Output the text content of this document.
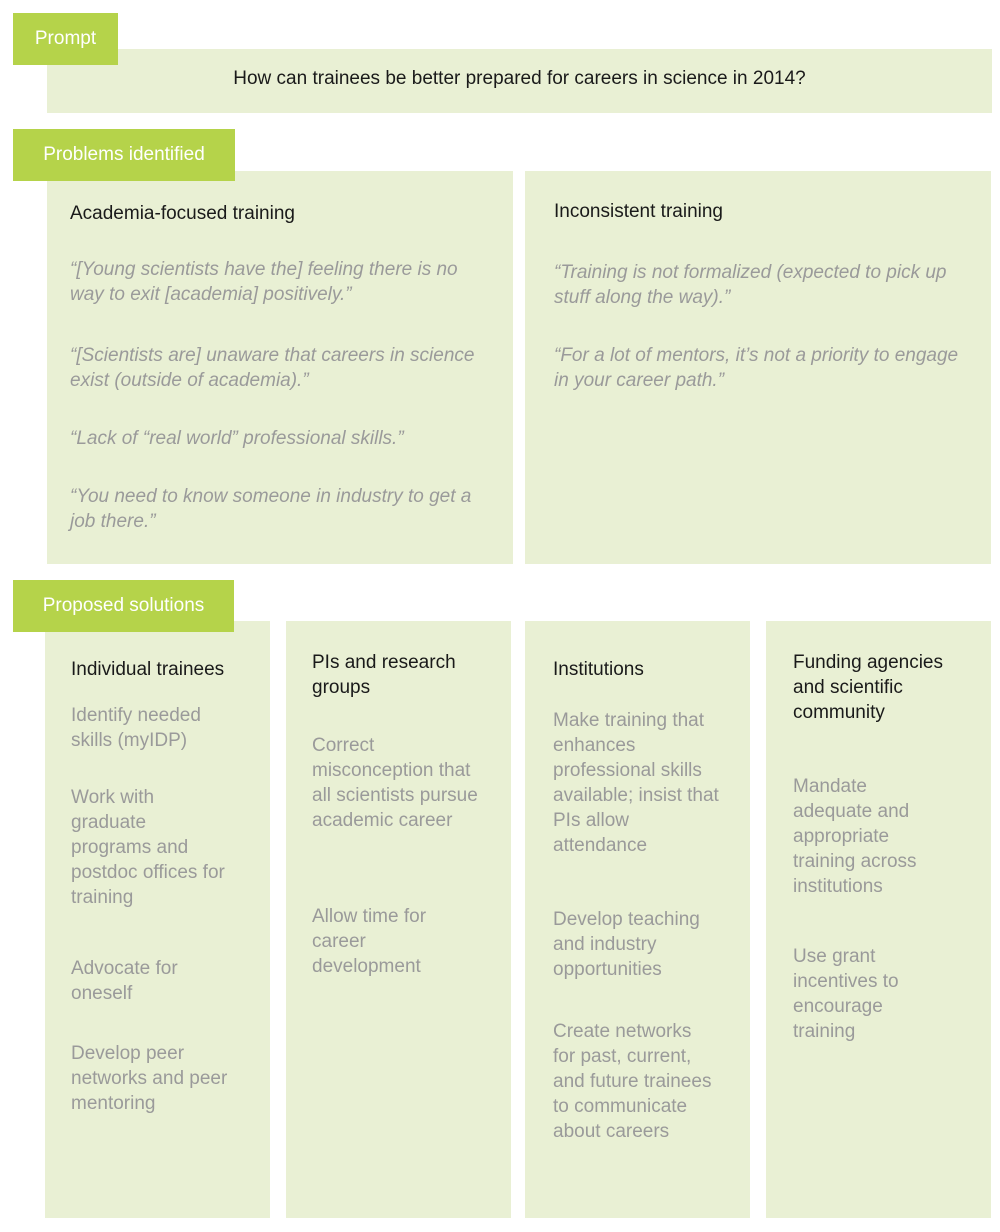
Prompt
How can trainees be better prepared for careers in science in 2014?
Problems identified
Academia-focused training
“[Young scientists have the] feeling there is no way to exit [academia] positively.”
“[Scientists are] unaware that careers in science exist (outside of academia).”
“Lack of “real world” professional skills.”
“You need to know someone in industry to get a job there.”
Inconsistent training
“Training is not formalized (expected to pick up stuff along the way).”
“For a lot of mentors, it’s not a priority to engage in your career path.”
Proposed solutions
Individual trainees
Identify needed skills (myIDP)
Work with graduate programs and postdoc offices for training
Advocate for oneself
Develop peer networks and peer mentoring
PIs and research groups
Correct misconception that all scientists pursue academic career
Allow time for career development
Institutions
Make training that enhances professional skills available; insist that PIs allow attendance
Develop teaching and industry opportunities
Create networks for past, current, and future trainees to communicate about careers
Funding agencies and scientific community
Mandate adequate and appropriate training across institutions
Use grant incentives to encourage training
